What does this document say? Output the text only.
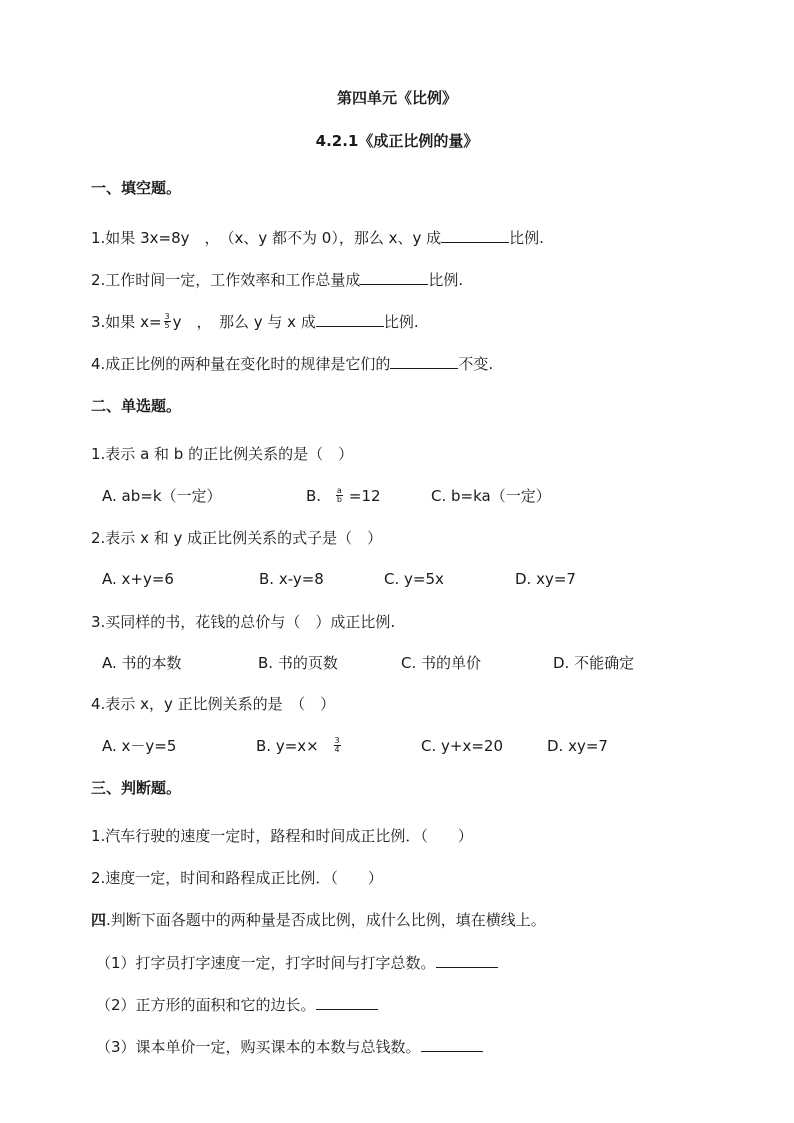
第四单元《比例》
4.2.1《成正比例的量》
一、填空题。
1.如果 3x=8y　，　（x、y 都不为 0），那么 x、y 成	比例.
2.工作时间一定，工作效率和工作总量成	比例.
3.如果 $x= \frac{3}{5}$ y　，　那么 y 与 x 成	比例.
4.成正比例的两种量在变化时的规律是它们的	不变.
二、单选题。
1.表示 a 和 b 的正比例关系的是（　）
A. ab=k（一定）	B. $\frac{a}{b} =12$	C. b=ka（一定）
2.表示 x 和 y 成正比例关系的式子是（　）
A. x+y=6	B. x-y=8	C. y=5x	D. xy=7
3.买同样的书，花钱的总价与（　）成正比例.
A. 书的本数	B. 书的页数	C. 书的单价	D. 不能确定
4.表示 x，y 正比例关系的是　（　）
A. x－y=5	B. $y=x\times \frac{3}{4}$	C. y+x=20	D. xy=7
三、判断题。
1.汽车行驶的速度一定时，路程和时间成正比例．（　　）
2.速度一定，时间和路程成正比例．（　　）
四.判断下面各题中的两种量是否成比例，成什么比例，填在横线上。
（1）打字员打字速度一定，打字时间与打字总数。
（2）正方形的面积和它的边长。
（3）课本单价一定，购买课本的本数与总钱数。
